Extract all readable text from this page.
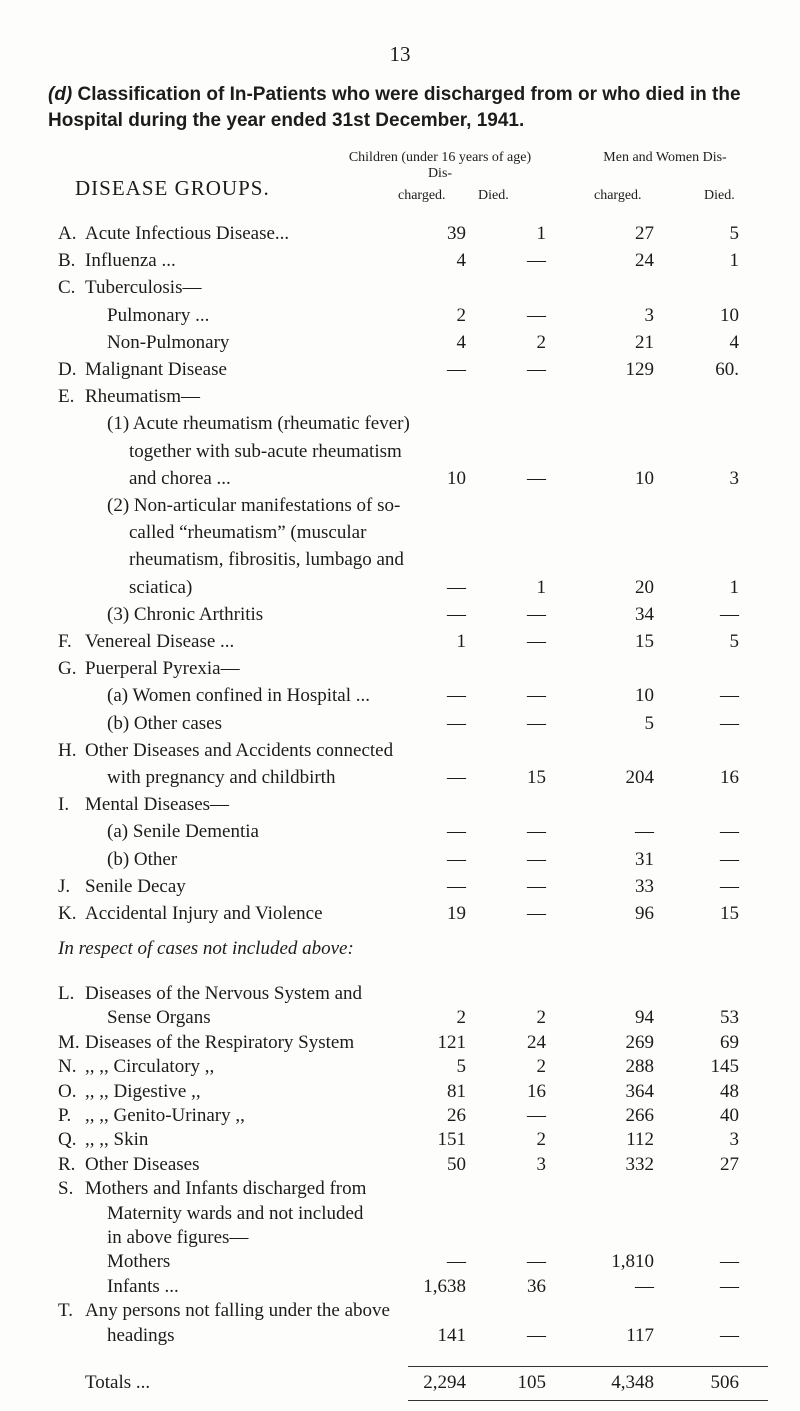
13
(d) Classification of In-Patients who were discharged from or who died in the Hospital during the year ended 31st December, 1941.
DISEASE GROUPS.
Children (under 16 years of age) Dis-
Men and Women Dis-
charged. Died.	charged.	Died.
A. Acute Infectious Disease...	39	1	27	5
B. Influenza ...	4	—	24	1
C. Tuberculosis—
Pulmonary ...	2	—	3	10
Non-Pulmonary	4	2	21	4
D. Malignant Disease	—	—	129	60.
E. Rheumatism—
(1) Acute rheumatism (rheumatic fever)
together with sub-acute rheumatism
and chorea ...	10	—	10	3
(2) Non-articular manifestations of so-
called “rheumatism” (muscular
rheumatism, fibrositis, lumbago and
sciatica)	—	1	20	1
(3) Chronic Arthritis	—	—	34	—
F. Venereal Disease ...	1	—	15	5
G. Puerperal Pyrexia—
(a) Women confined in Hospital ...	—	—	10	—
(b) Other cases	—	—	5	—
H. Other Diseases and Accidents connected
with pregnancy and childbirth	—	15	204	16
I. Mental Diseases—
(a) Senile Dementia	—	—	—	—
(b) Other	—	—	31	—
J. Senile Decay	—	—	33	—
K. Accidental Injury and Violence	19	—	96	15
In respect of cases not included above:
L. Diseases of the Nervous System and
Sense Organs	2	2	94	53
M. Diseases of the Respiratory System	121	24	269	69
N. ,, ,, Circulatory ,,	5	2	288	145
O. ,, ,, Digestive ,,	81	16	364	48
P. ,, ,, Genito-Urinary ,,	26	—	266	40
Q. ,, ,, Skin	151	2	112	3
R. Other Diseases	50	3	332	27
S. Mothers and Infants discharged from
Maternity wards and not included
in above figures—
Mothers	—	—	1,810	—
Infants ...	1,638	36	—	—
T. Any persons not falling under the above
headings	141	—	117	—
Totals ...	2,294	105	4,348	506
